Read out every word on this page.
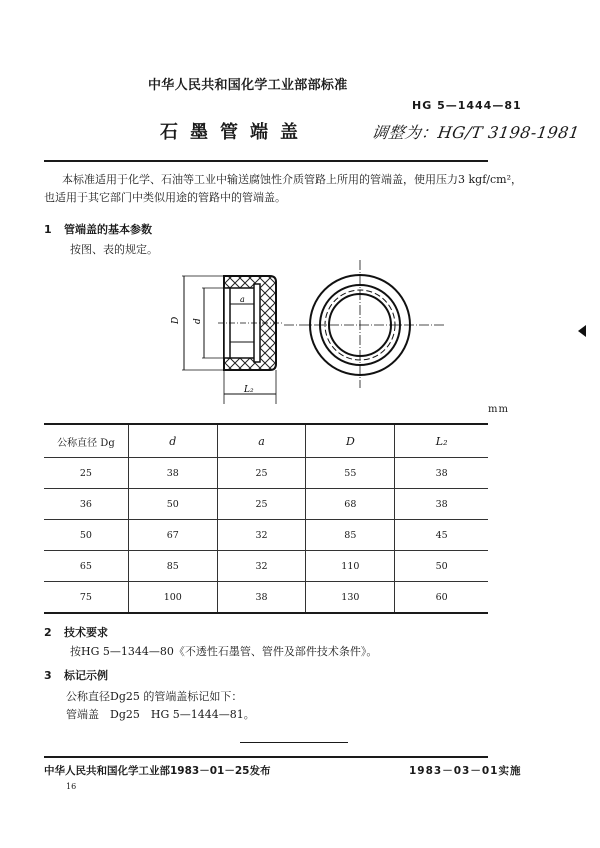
中华人民共和国化学工业部部标准
HG 5—1444—81
石墨管端盖	调整为：HG/T 3198-1981
本标准适用于化学、石油等工业中输送腐蚀性介质管路上所用的管端盖，使用压力3 kgf/cm²，
也适用于其它部门中类似用途的管路中的管端盖。
1 管端盖的基本参数
按图、表的规定。
D d
a
L₂
mm
公称直径 Dg	d	a	D	L₂
25	38	25	55	38
36	50	25	68	38
50	67	32	85	45
65	85	32	110	50
75	100	38	130	60
2 技术要求
按HG 5—1344—80《不透性石墨管、管件及部件技术条件》。
3 标记示例
公称直径Dg25 的管端盖标记如下：
管端盖　Dg25　HG 5—1444—81。
中华人民共和国化学工业部1983－01－25发布	1983－03－01实施
16
